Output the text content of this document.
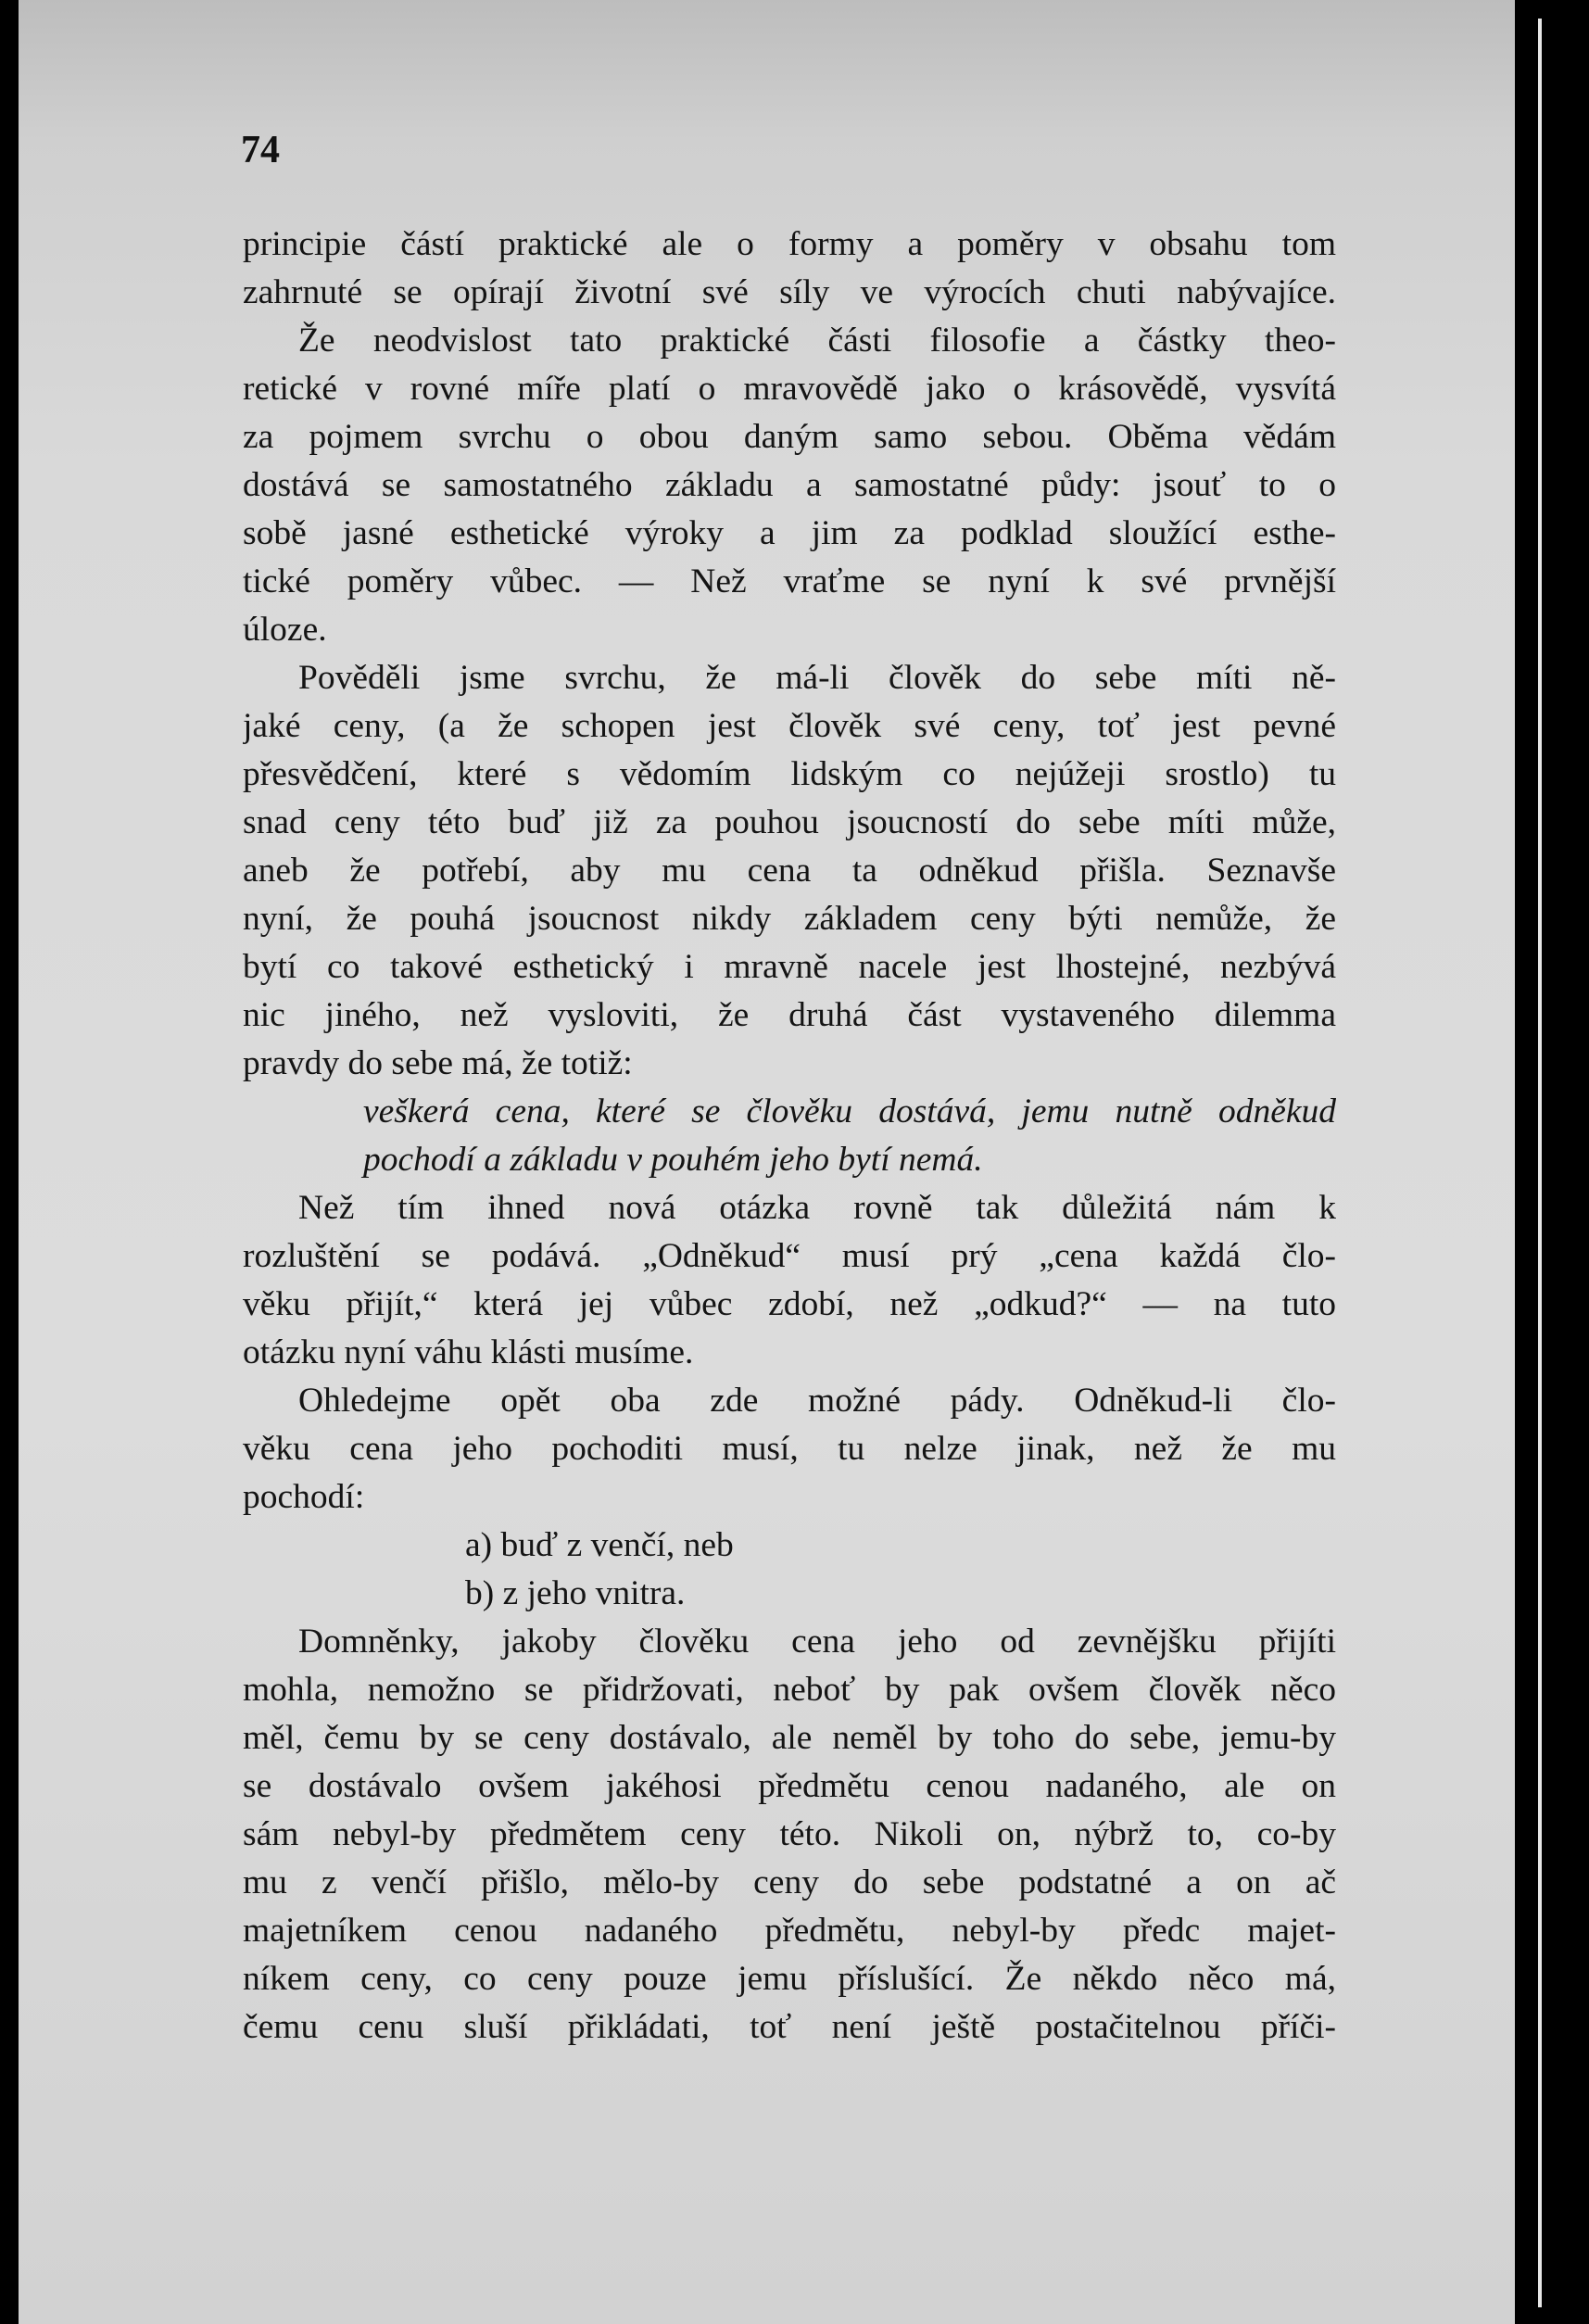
74
principie částí praktické ale o formy a poměry v obsahu tom
zahrnuté se opírají životní své síly ve výrocích chuti nabývajíce.
Že neodvislost tato praktické části filosofie a částky theo-
retické v rovné míře platí o mravovědě jako o krásovědě, vysvítá
za pojmem svrchu o obou daným samo sebou. Oběma vědám
dostává se samostatného základu a samostatné půdy: jsouť to o
sobě jasné esthetické výroky a jim za podklad sloužící esthe-
tické poměry vůbec. — Než vraťme se nyní k své prvnější
úloze.
Pověděli jsme svrchu, že má-li člověk do sebe míti ně-
jaké ceny, (a že schopen jest člověk své ceny, toť jest pevné
přesvědčení, které s vědomím lidským co nejúžeji srostlo) tu
snad ceny této buď již za pouhou jsoucností do sebe míti může,
aneb že potřebí, aby mu cena ta odněkud přišla. Seznavše
nyní, že pouhá jsoucnost nikdy základem ceny býti nemůže, že
bytí co takové esthetický i mravně nacele jest lhostejné, nezbývá
nic jiného, než vysloviti, že druhá část vystaveného dilemma
pravdy do sebe má, že totiž:
veškerá cena, které se člověku dostává, jemu nutně odněkud
pochodí a základu v pouhém jeho bytí nemá.
Než tím ihned nová otázka rovně tak důležitá nám k
rozluštění se podává. „Odněkud“ musí prý „cena každá člo-
věku přijít,“ která jej vůbec zdobí, než „odkud?“ — na tuto
otázku nyní váhu klásti musíme.
Ohledejme opět oba zde možné pády. Odněkud-li člo-
věku cena jeho pochoditi musí, tu nelze jinak, než že mu
pochodí:
a) buď z venčí, neb
b) z jeho vnitra.
Domněnky, jakoby člověku cena jeho od zevnějšku přijíti
mohla, nemožno se přidržovati, neboť by pak ovšem člověk něco
měl, čemu by se ceny dostávalo, ale neměl by toho do sebe, jemu-by
se dostávalo ovšem jakéhosi předmětu cenou nadaného, ale on
sám nebyl-by předmětem ceny této. Nikoli on, nýbrž to, co-by
mu z venčí přišlo, mělo-by ceny do sebe podstatné a on ač
majetníkem cenou nadaného předmětu, nebyl-by předc majet-
níkem ceny, co ceny pouze jemu příslušící. Že někdo něco má,
čemu cenu sluší přikládati, toť není ještě postačitelnou příči-
